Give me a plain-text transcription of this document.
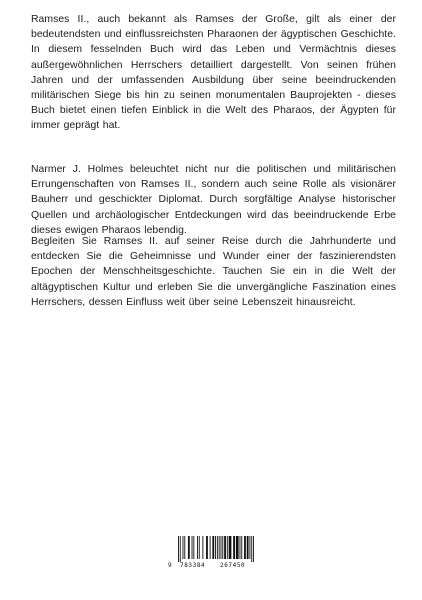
Ramses II., auch bekannt als Ramses der Große, gilt als einer der bedeutendsten und einflussreichsten Pharaonen der ägyptischen Geschichte. In diesem fesselnden Buch wird das Leben und Vermächtnis dieses außergewöhnlichen Herrschers detailliert dargestellt. Von seinen frühen Jahren und der umfassenden Ausbildung über seine beeindruckenden militärischen Siege bis hin zu seinen monumentalen Bauprojekten - dieses Buch bietet einen tiefen Einblick in die Welt des Pharaos, der Ägypten für immer geprägt hat.

Narmer J. Holmes beleuchtet nicht nur die politischen und militärischen Errungenschaften von Ramses II., sondern auch seine Rolle als visionärer Bauherr und geschickter Diplomat. Durch sorgfältige Analyse historischer Quellen und archäologischer Entdeckungen wird das beeindruckende Erbe dieses ewigen Pharaos lebendig.

Begleiten Sie Ramses II. auf seiner Reise durch die Jahrhunderte und entdecken Sie die Geheimnisse und Wunder einer der faszinierendsten Epochen der Menschheitsgeschichte. Tauchen Sie ein in die Welt der altägyptischen Kultur und erleben Sie die unvergängliche Faszination eines Herrschers, dessen Einfluss weit über seine Lebenszeit hinausreicht.

9 783384 267450
